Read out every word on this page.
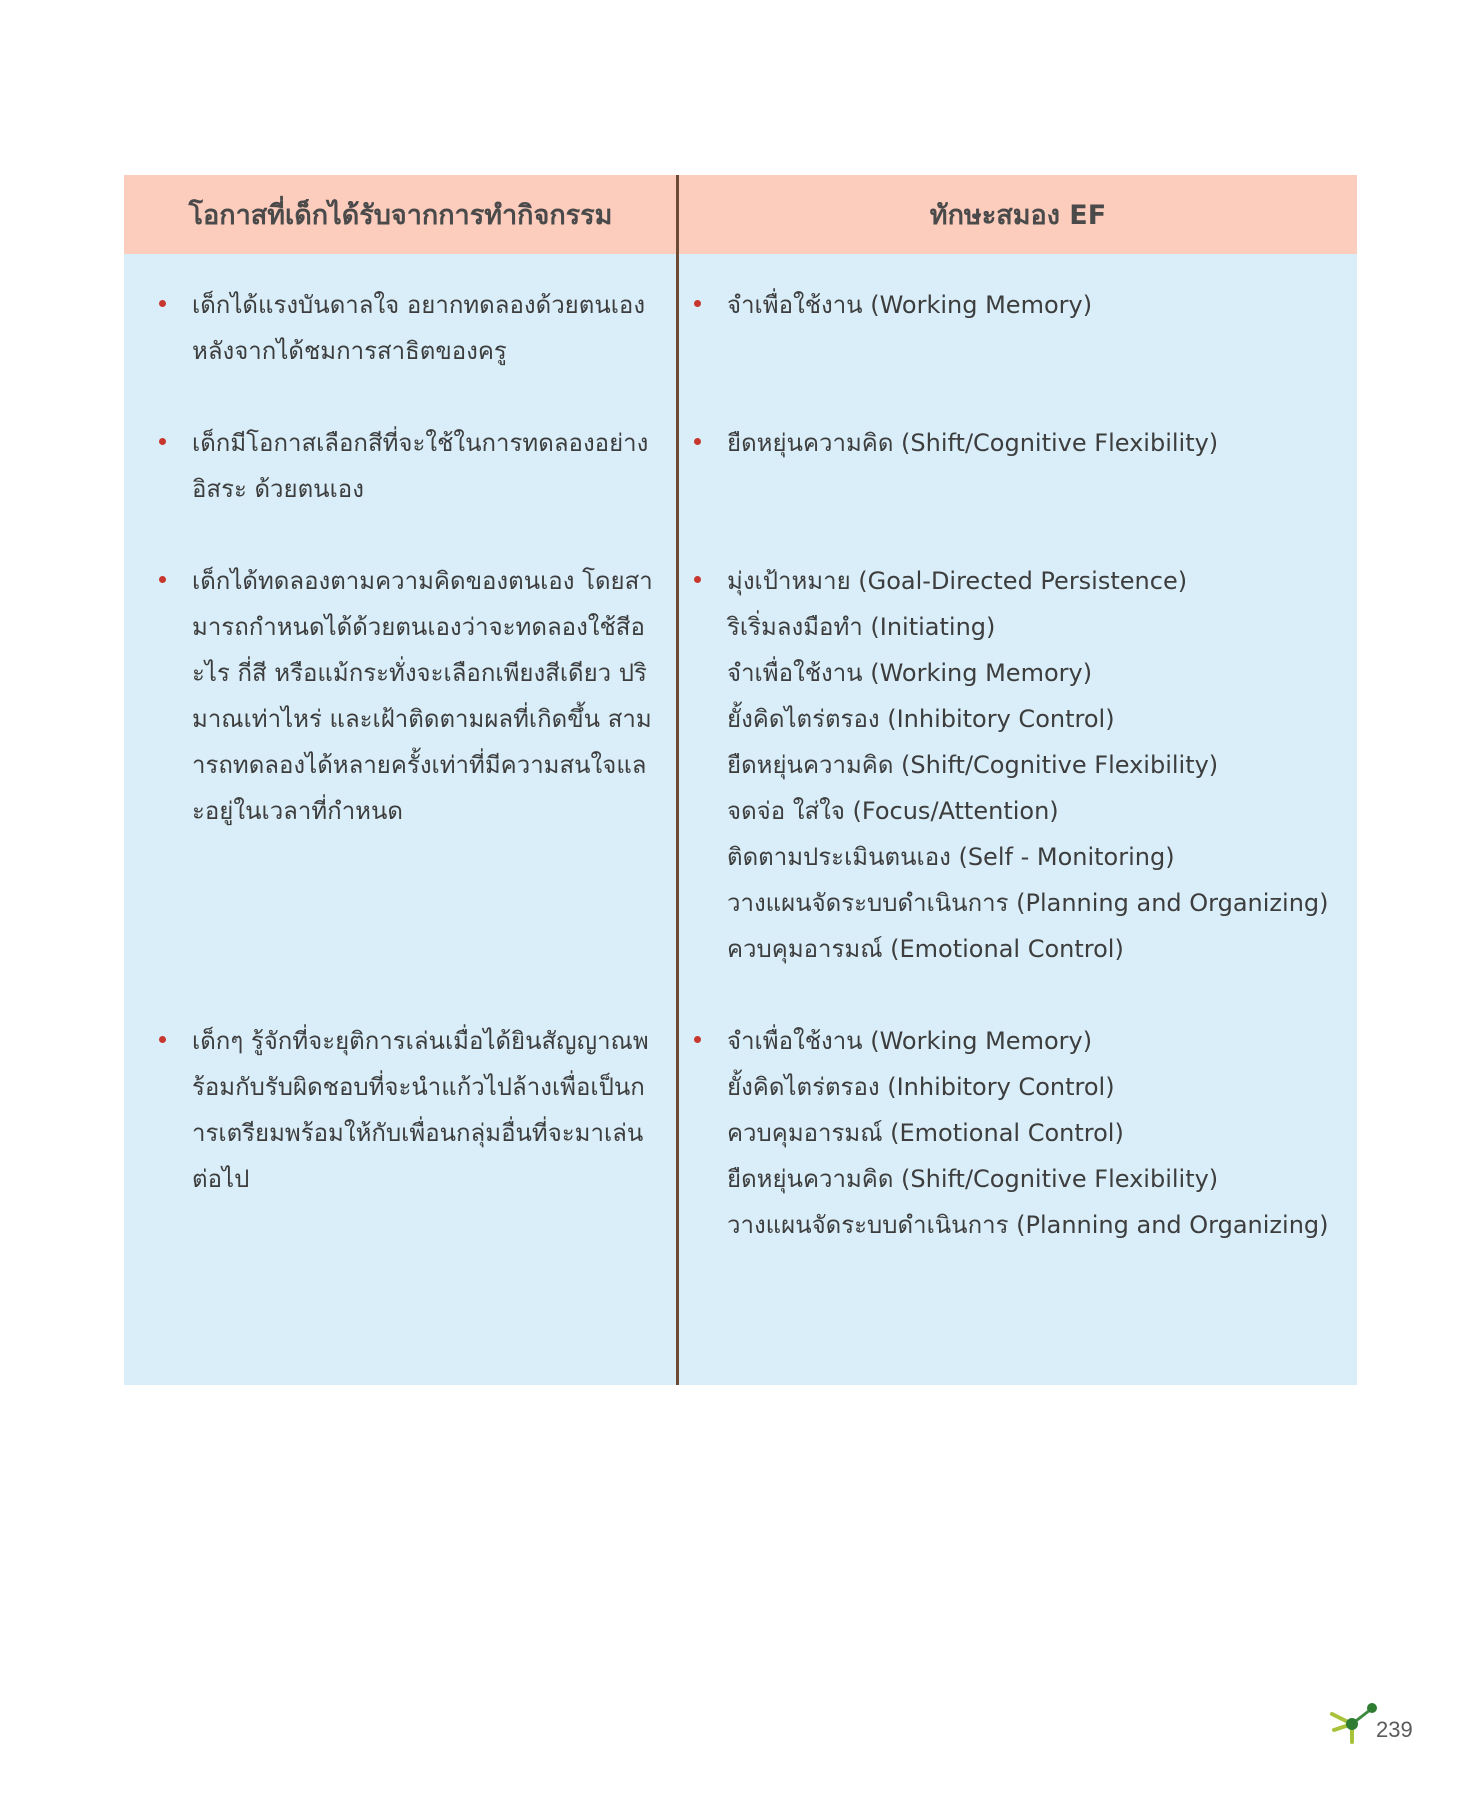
โอกาสที่เด็กได้รับจากการทำกิจกรรม	ทักษะสมอง EF
เด็กได้แรงบันดาลใจ อยากทดลองด้วยตนเองหลังจากได้ชมการสาธิตของครู
จำเพื่อใช้งาน (Working Memory)
เด็กมีโอกาสเลือกสีที่จะใช้ในการทดลองอย่างอิสระ ด้วยตนเอง
ยืดหยุ่นความคิด (Shift/Cognitive Flexibility)
เด็กได้ทดลองตามความคิดของตนเอง โดยสามารถกำหนดได้ด้วยตนเองว่าจะทดลองใช้สีอะไร กี่สี หรือแม้กระทั่งจะเลือกเพียงสีเดียว ปริมาณเท่าไหร่ และเฝ้าติดตามผลที่เกิดขึ้น สามารถทดลองได้หลายครั้งเท่าที่มีความสนใจและอยู่ในเวลาที่กำหนด
มุ่งเป้าหมาย (Goal-Directed Persistence)
ริเริ่มลงมือทำ (Initiating)
จำเพื่อใช้งาน (Working Memory)
ยั้งคิดไตร่ตรอง (Inhibitory Control)
ยืดหยุ่นความคิด (Shift/Cognitive Flexibility)
จดจ่อ ใส่ใจ (Focus/Attention)
ติดตามประเมินตนเอง (Self - Monitoring)
วางแผนจัดระบบดำเนินการ (Planning and Organizing)
ควบคุมอารมณ์ (Emotional Control)
เด็กๆ รู้จักที่จะยุติการเล่นเมื่อได้ยินสัญญาณพร้อมกับรับผิดชอบที่จะนำแก้วไปล้างเพื่อเป็นการเตรียมพร้อมให้กับเพื่อนกลุ่มอื่นที่จะมาเล่นต่อไป
จำเพื่อใช้งาน (Working Memory)
ยั้งคิดไตร่ตรอง (Inhibitory Control)
ควบคุมอารมณ์ (Emotional Control)
ยืดหยุ่นความคิด (Shift/Cognitive Flexibility)
วางแผนจัดระบบดำเนินการ (Planning and Organizing)
239
